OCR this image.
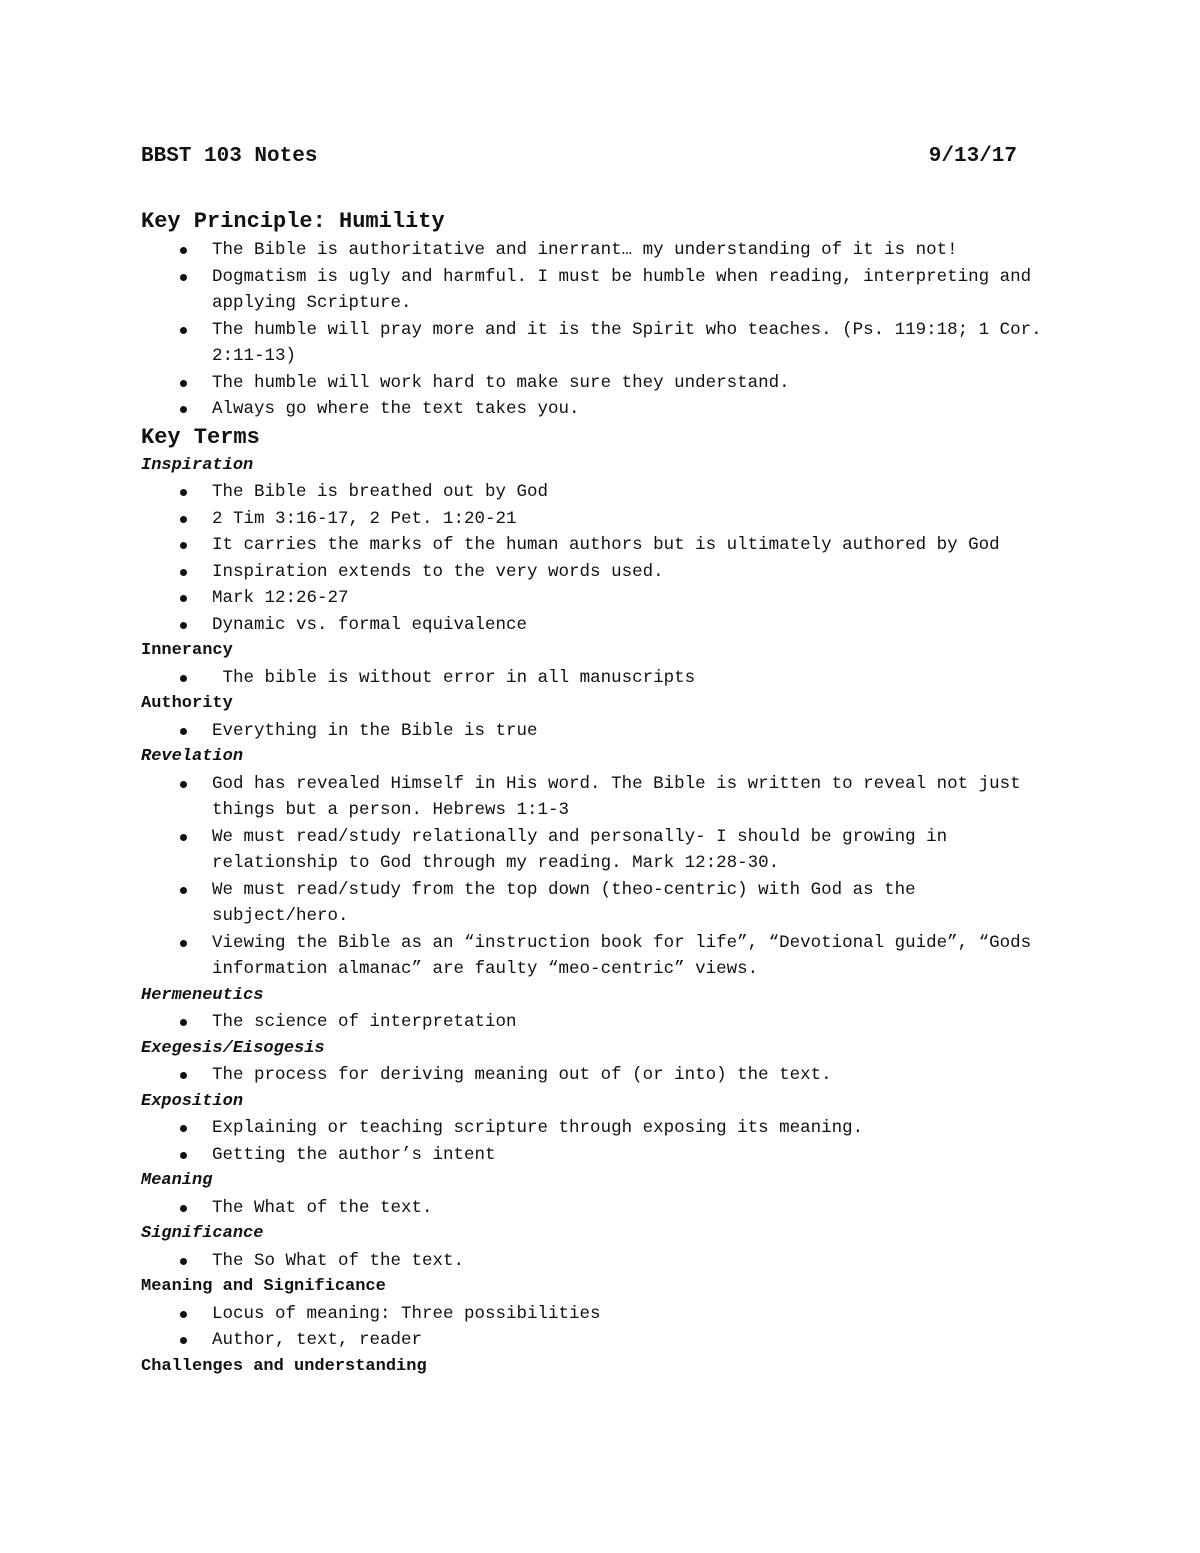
BBST 103 Notes	9/13/17
Key Principle: Humility
The Bible is authoritative and inerrant… my understanding of it is not!
Dogmatism is ugly and harmful. I must be humble when reading, interpreting and applying Scripture.
The humble will pray more and it is the Spirit who teaches. (Ps. 119:18; 1 Cor. 2:11-13)
The humble will work hard to make sure they understand.
Always go where the text takes you.
Key Terms
Inspiration
The Bible is breathed out by God
2 Tim 3:16-17, 2 Pet. 1:20-21
It carries the marks of the human authors but is ultimately authored by God
Inspiration extends to the very words used.
Mark 12:26-27
Dynamic vs. formal equivalence
Innerancy
The bible is without error in all manuscripts
Authority
Everything in the Bible is true
Revelation
God has revealed Himself in His word. The Bible is written to reveal not just things but a person. Hebrews 1:1-3
We must read/study relationally and personally- I should be growing in relationship to God through my reading. Mark 12:28-30.
We must read/study from the top down (theo-centric) with God as the subject/hero.
Viewing the Bible as an “instruction book for life”, “Devotional guide”, “Gods information almanac” are faulty “meo-centric” views.
Hermeneutics
The science of interpretation
Exegesis/Eisogesis
The process for deriving meaning out of (or into) the text.
Exposition
Explaining or teaching scripture through exposing its meaning.
Getting the author’s intent
Meaning
The What of the text.
Significance
The So What of the text.
Meaning and Significance
Locus of meaning: Three possibilities
Author, text, reader
Challenges and understanding
